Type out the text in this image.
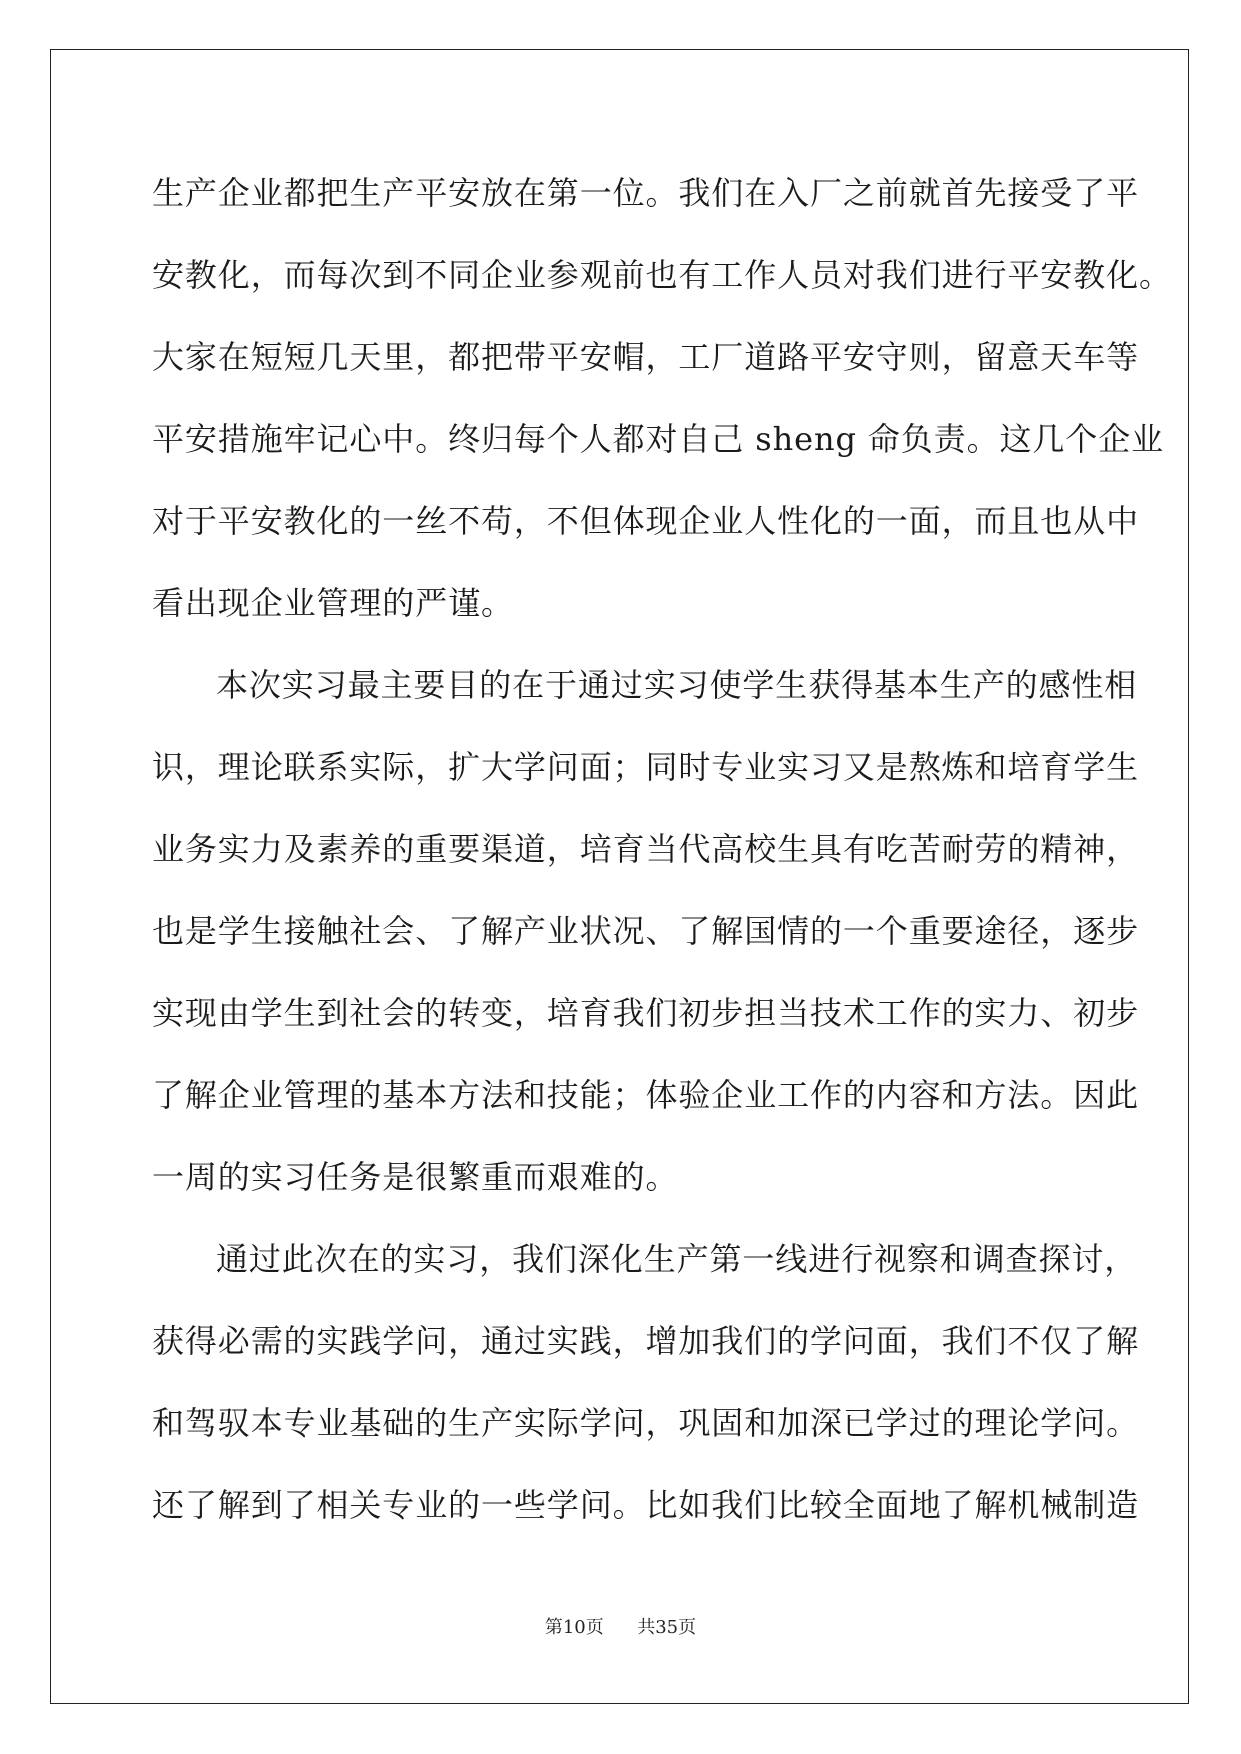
生产企业都把生产平安放在第一位。我们在入厂之前就首先接受了平
安教化，而每次到不同企业参观前也有工作人员对我们进行平安教化。
大家在短短几天里，都把带平安帽，工厂道路平安守则，留意天车等
平安措施牢记心中。终归每个人都对自己 sheng 命负责。这几个企业
对于平安教化的一丝不苟，不但体现企业人性化的一面，而且也从中
看出现企业管理的严谨。
本次实习最主要目的在于通过实习使学生获得基本生产的感性相
识，理论联系实际，扩大学问面；同时专业实习又是熬炼和培育学生
业务实力及素养的重要渠道，培育当代高校生具有吃苦耐劳的精神，
也是学生接触社会、了解产业状况、了解国情的一个重要途径，逐步
实现由学生到社会的转变，培育我们初步担当技术工作的实力、初步
了解企业管理的基本方法和技能；体验企业工作的内容和方法。因此
一周的实习任务是很繁重而艰难的。
通过此次在的实习，我们深化生产第一线进行视察和调查探讨，
获得必需的实践学问，通过实践，增加我们的学问面，我们不仅了解
和驾驭本专业基础的生产实际学问，巩固和加深已学过的理论学问。
还了解到了相关专业的一些学问。比如我们比较全面地了解机械制造
第10页 共35页
